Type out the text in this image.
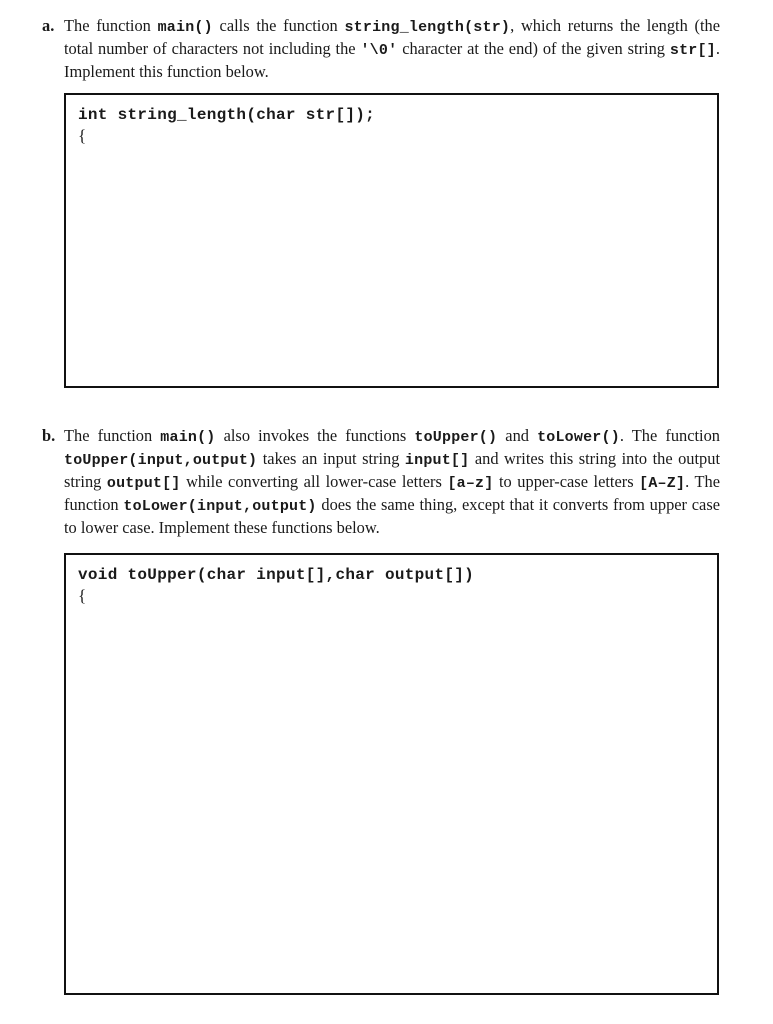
a. The function main() calls the function string_length(str), which returns the length (the total number of characters not including the '\0' character at the end) of the given string str[]. Implement this function below.
int string_length(char str[]);
{
b. The function main() also invokes the functions toUpper() and toLower(). The function toUpper(input,output) takes an input string input[] and writes this string into the output string output[] while converting all lower-case letters [a–z] to upper-case letters [A–Z]. The function toLower(input,output) does the same thing, except that it converts from upper case to lower case. Implement these functions below.
void toUpper(char input[],char output[])
{
